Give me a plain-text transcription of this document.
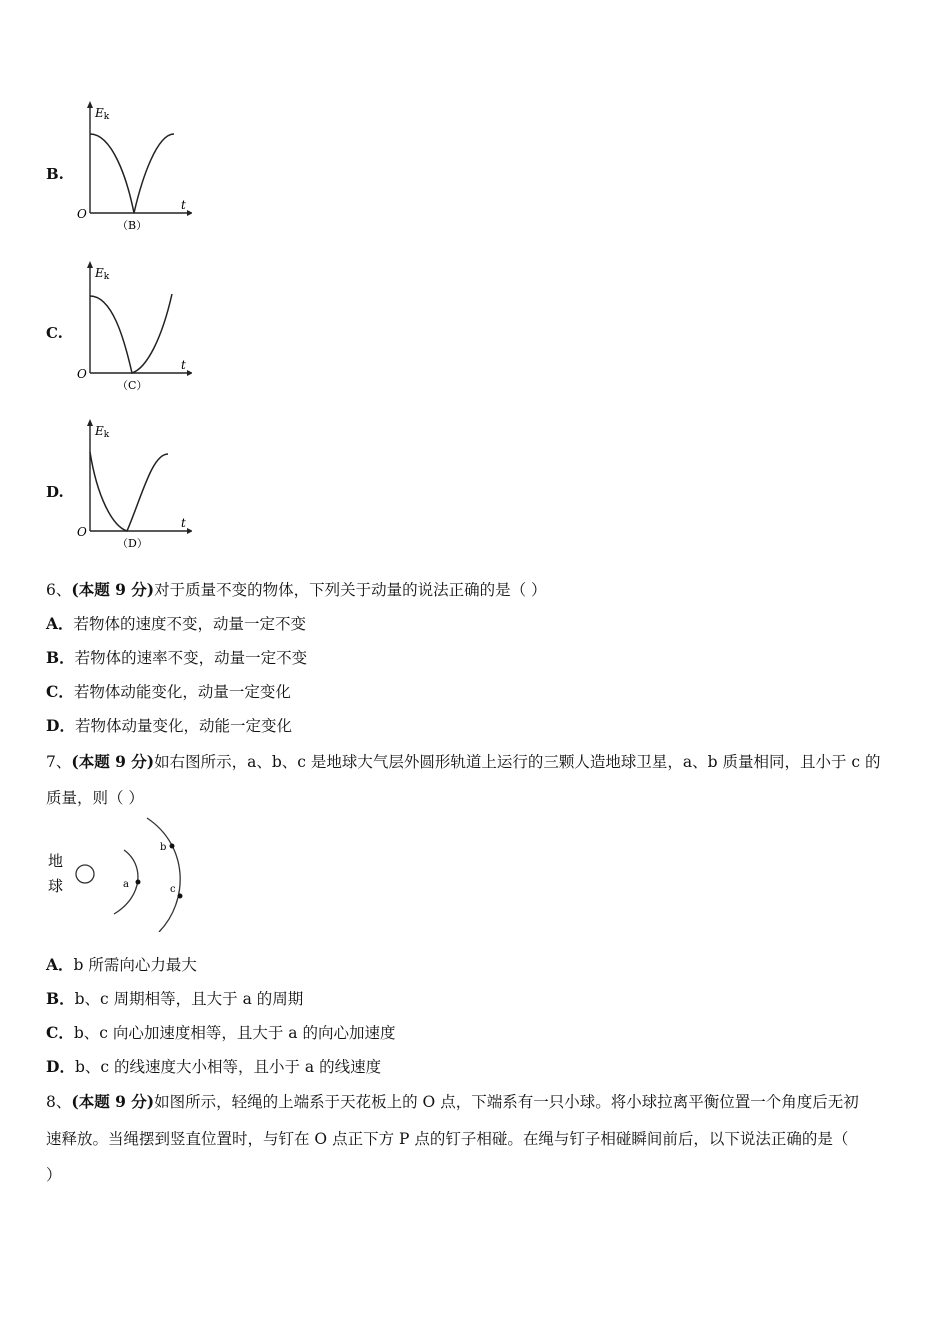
B.
Ek
t
O
（B）
C.
Ek
t
O
（C）
D.
Ek
t
O
（D）
6、(本题 9 分)对于质量不变的物体，下列关于动量的说法正确的是（ ）
A．若物体的速度不变，动量一定不变
B．若物体的速率不变，动量一定不变
C．若物体动能变化，动量一定变化
D．若物体动量变化，动能一定变化
7、(本题 9 分)如右图所示，a、b、c 是地球大气层外圆形轨道上运行的三颗人造地球卫星，a、b 质量相同，且小于 c 的
质量，则（ ）
地
球	a
b
c
A．b 所需向心力最大
B．b、c 周期相等，且大于 a 的周期
C．b、c 向心加速度相等，且大于 a 的向心加速度
D．b、c 的线速度大小相等，且小于 a 的线速度
8、(本题 9 分)如图所示，轻绳的上端系于天花板上的 O 点，下端系有一只小球。将小球拉离平衡位置一个角度后无初
速释放。当绳摆到竖直位置时，与钉在 O 点正下方 P 点的钉子相碰。在绳与钉子相碰瞬间前后，以下说法正确的是（
）
